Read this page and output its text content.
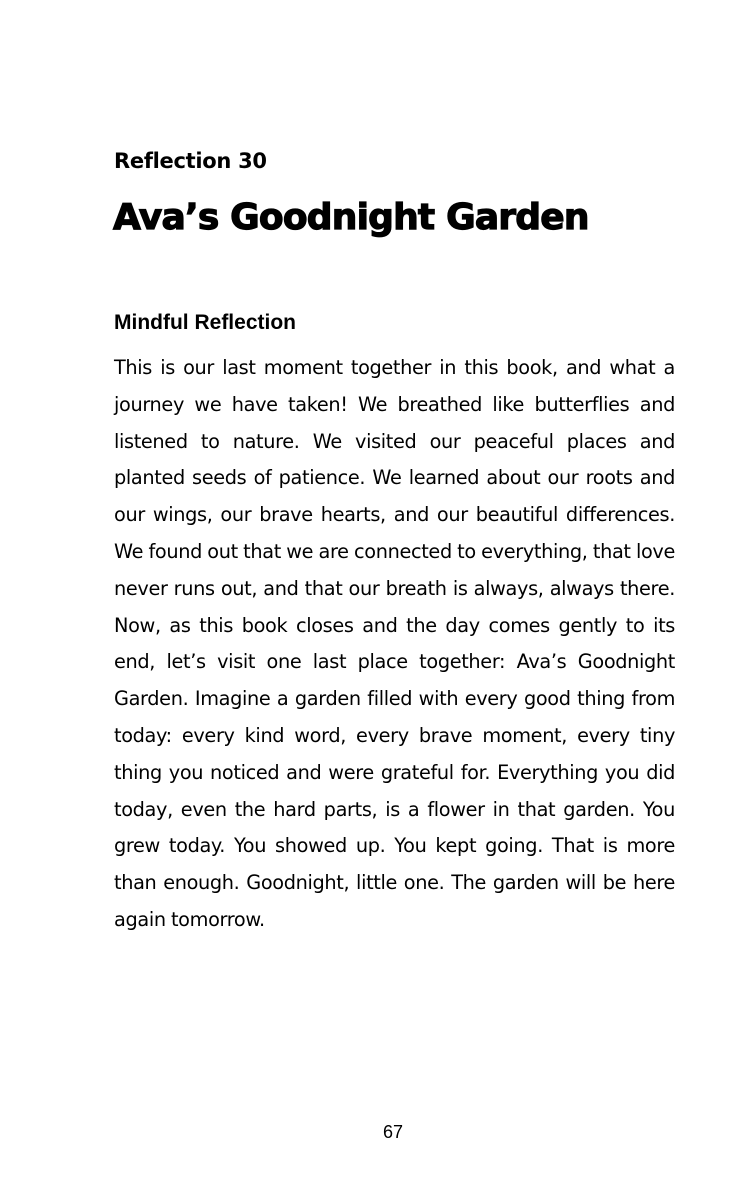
Reflection 30
Ava’s Goodnight Garden
Mindful Reflection

This is our last moment together in this book, and what a journey we have taken! We breathed like butterflies and listened to nature. We visited our peaceful places and planted seeds of patience. We learned about our roots and our wings, our brave hearts, and our beautiful differences. We found out that we are connected to everything, that love never runs out, and that our breath is always, always there. Now, as this book closes and the day comes gently to its end, let’s visit one last place together: Ava’s Goodnight Garden. Imagine a garden filled with every good thing from today: every kind word, every brave moment, every tiny thing you noticed and were grateful for. Everything you did today, even the hard parts, is a flower in that garden. You grew today. You showed up. You kept going. That is more than enough. Goodnight, little one. The garden will be here again tomorrow.

67
